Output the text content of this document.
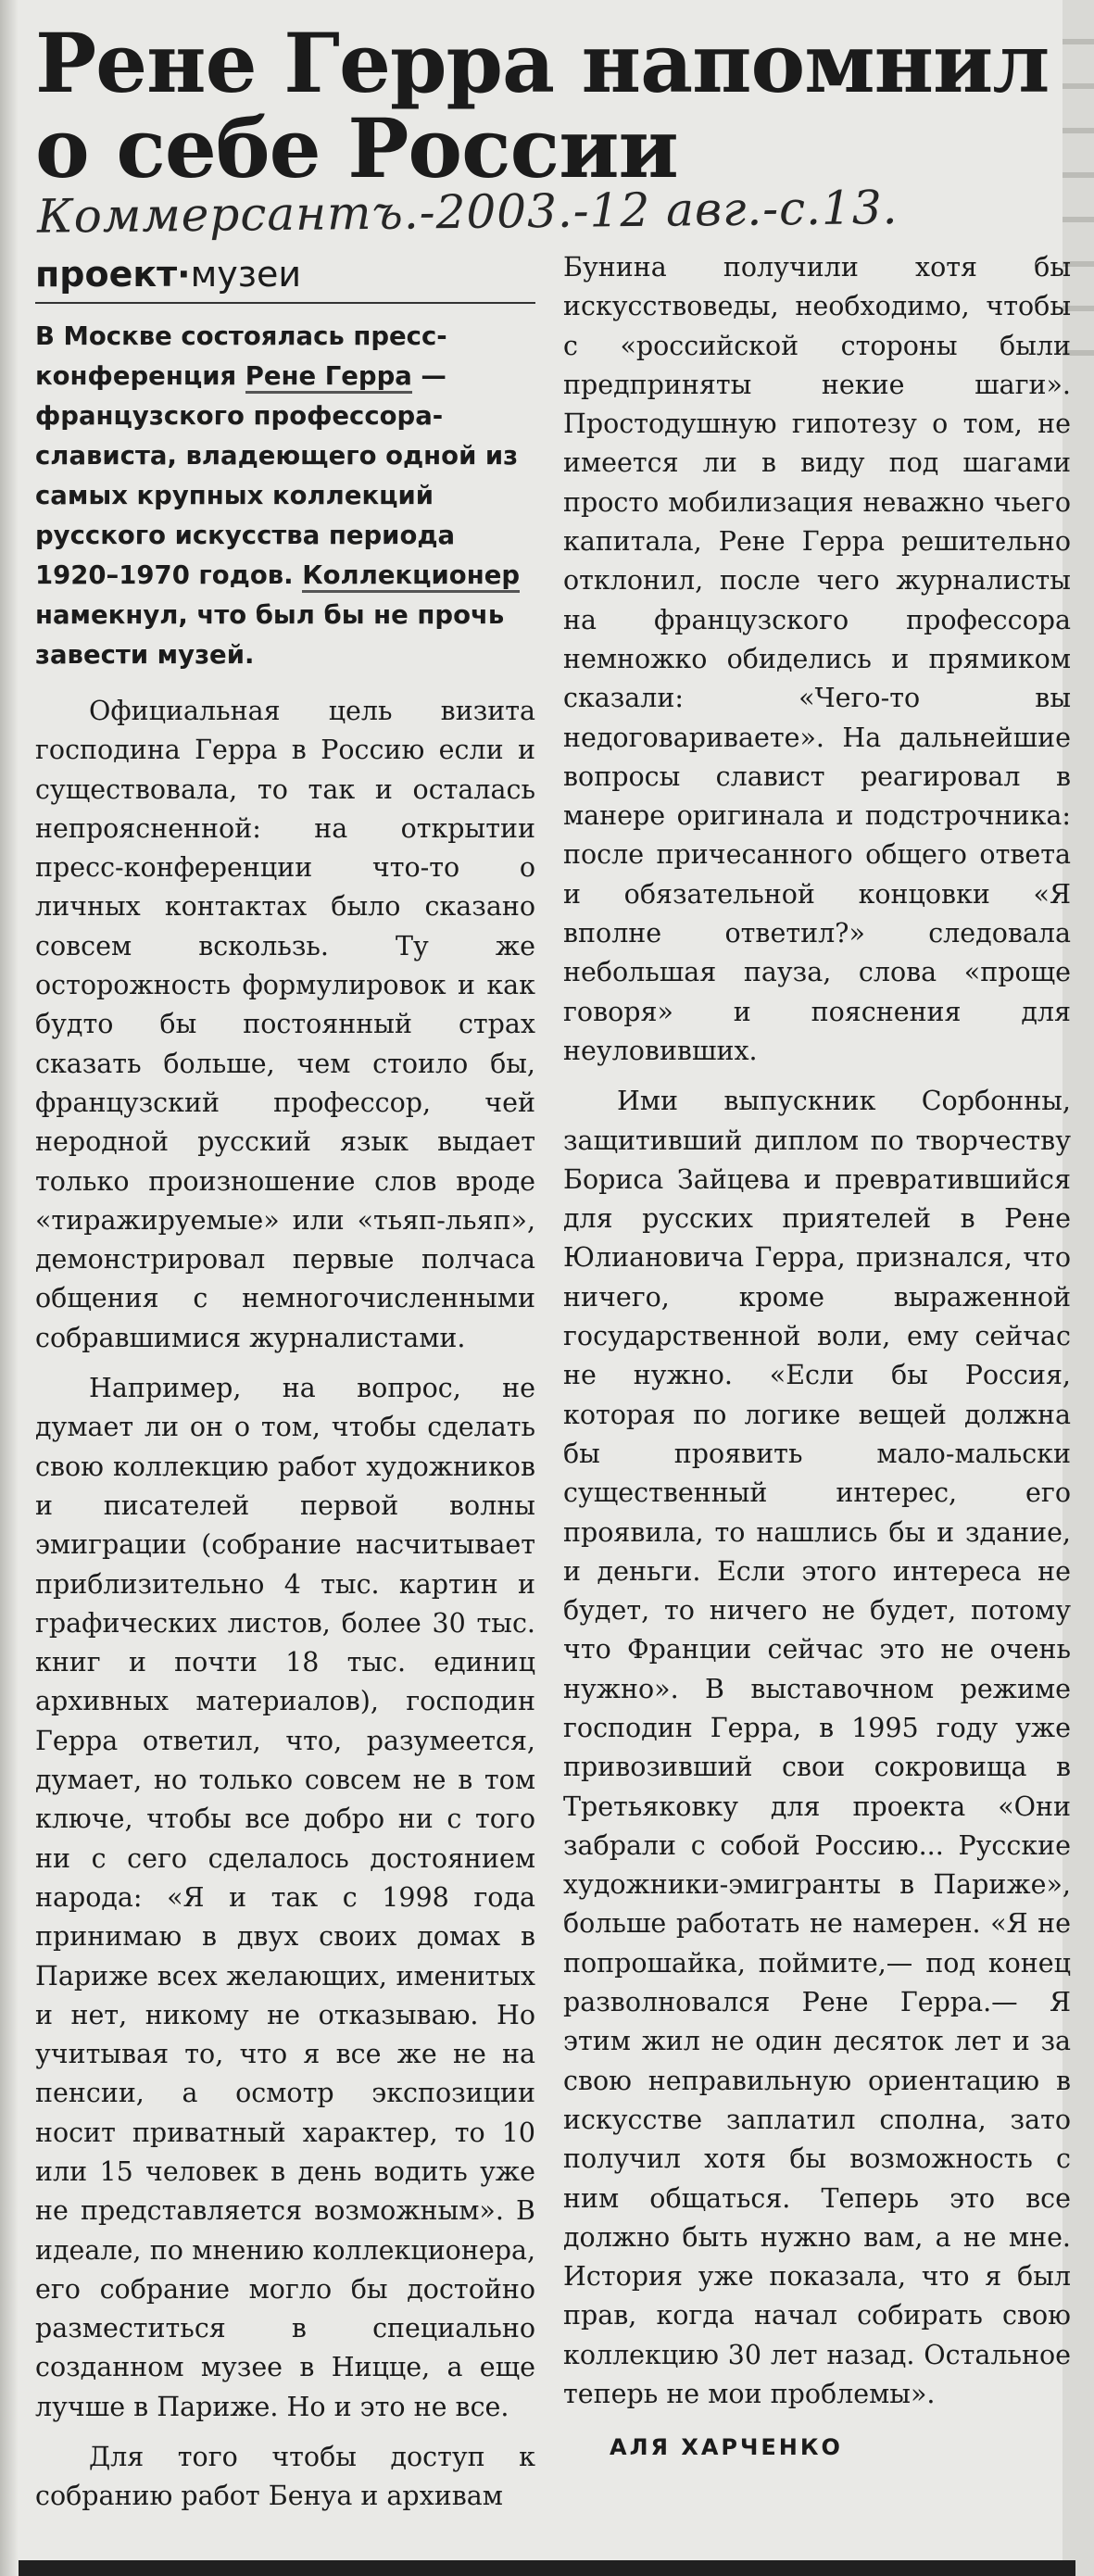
Рене Герра напомнил о себе России
Коммерсантъ.-2003.-12 авг.-с.13.
проект·музеи
В Москве состоялась пресс-конференция Рене Герра — французского профессора-слависта, владеющего одной из самых крупных коллекций русского искусства периода 1920–1970 годов. Коллекционер намекнул, что был бы не прочь завести музей.

Официальная цель визита господина Герра в Россию если и существовала, то так и осталась непроясненной: на открытии пресс-конференции что-то о личных контактах было сказано совсем вскользь. Ту же осторожность формулировок и как будто бы постоянный страх сказать больше, чем стоило бы, французский профессор, чей неродной русский язык выдает только произношение слов вроде «тиражируемые» или «тьяп-льяп», демонстрировал первые полчаса общения с немногочисленными собравшимися журналистами.

Например, на вопрос, не думает ли он о том, чтобы сделать свою коллекцию работ художников и писателей первой волны эмиграции (собрание насчитывает приблизительно 4 тыс. картин и графических листов, более 30 тыс. книг и почти 18 тыс. единиц архивных материалов), господин Герра ответил, что, разумеется, думает, но только совсем не в том ключе, чтобы все добро ни с того ни с сего сделалось достоянием народа: «Я и так с 1998 года принимаю в двух своих домах в Париже всех желающих, именитых и нет, никому не отказываю. Но учитывая то, что я все же не на пенсии, а осмотр экспозиции носит приватный характер, то 10 или 15 человек в день водить уже не представляется возможным». В идеале, по мнению коллекционера, его собрание могло бы достойно разместиться в специально созданном музее в Ницце, а еще лучше в Париже. Но и это не все.

Для того чтобы доступ к собранию работ Бенуа и архивам

Бунина получили хотя бы искусствоведы, необходимо, чтобы с «российской стороны были предприняты некие шаги». Простодушную гипотезу о том, не имеется ли в виду под шагами просто мобилизация неважно чьего капитала, Рене Герра решительно отклонил, после чего журналисты на французского профессора немножко обиделись и прямиком сказали: «Чего-то вы недоговариваете». На дальнейшие вопросы славист реагировал в манере оригинала и подстрочника: после причесанного общего ответа и обязательной концовки «Я вполне ответил?» следовала небольшая пауза, слова «проще говоря» и пояснения для неуловивших.

Ими выпускник Сорбонны, защитивший диплом по творчеству Бориса Зайцева и превратившийся для русских приятелей в Рене Юлиановича Герра, признался, что ничего, кроме выраженной государственной воли, ему сейчас не нужно. «Если бы Россия, которая по логике вещей должна бы проявить мало-мальски существенный интерес, его проявила, то нашлись бы и здание, и деньги. Если этого интереса не будет, то ничего не будет, потому что Франции сейчас это не очень нужно». В выставочном режиме господин Герра, в 1995 году уже привозивший свои сокровища в Третьяковку для проекта «Они забрали с собой Россию... Русские художники-эмигранты в Париже», больше работать не намерен. «Я не попрошайка, поймите,— под конец разволновался Рене Герра.— Я этим жил не один десяток лет и за свою неправильную ориентацию в искусстве заплатил сполна, зато получил хотя бы возможность с ним общаться. Теперь это все должно быть нужно вам, а не мне. История уже показала, что я был прав, когда начал собирать свою коллекцию 30 лет назад. Остальное теперь не мои проблемы».

АЛЯ ХАРЧЕНКО
